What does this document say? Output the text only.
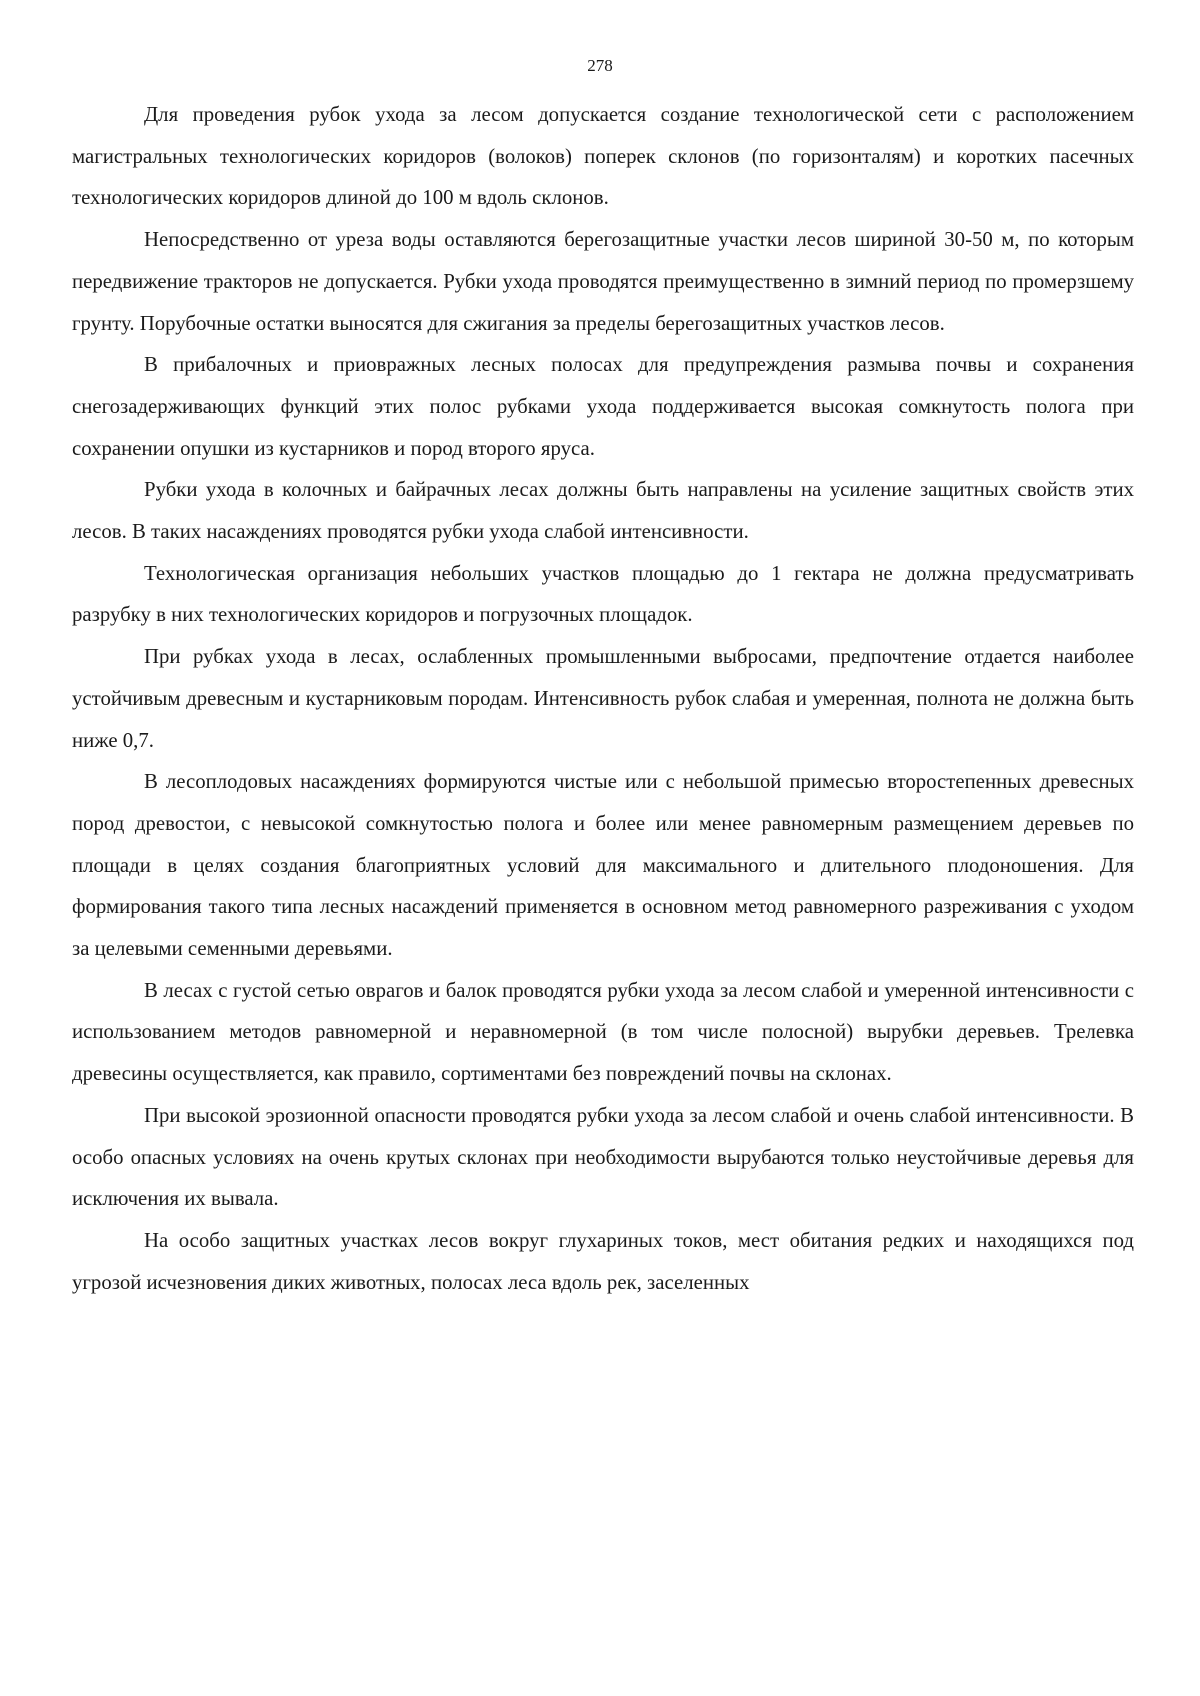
278

Для проведения рубок ухода за лесом допускается создание технологической сети с расположением магистральных технологических коридоров (волоков) поперек склонов (по горизонталям) и коротких пасечных технологических коридоров длиной до 100 м вдоль склонов.

Непосредственно от уреза воды оставляются берегозащитные участки лесов шириной 30-50 м, по которым передвижение тракторов не допускается. Рубки ухода проводятся преимущественно в зимний период по промерзшему грунту. Порубочные остатки выносятся для сжигания за пределы берегозащитных участков лесов.

В прибалочных и приовражных лесных полосах для предупреждения размыва почвы и сохранения снегозадерживающих функций этих полос рубками ухода поддерживается высокая сомкнутость полога при сохранении опушки из кустарников и пород второго яруса.

Рубки ухода в колочных и байрачных лесах должны быть направлены на усиление защитных свойств этих лесов. В таких насаждениях проводятся рубки ухода слабой интенсивности.

Технологическая организация небольших участков площадью до 1 гектара не должна предусматривать разрубку в них технологических коридоров и погрузочных площадок.

При рубках ухода в лесах, ослабленных промышленными выбросами, предпочтение отдается наиболее устойчивым древесным и кустарниковым породам. Интенсивность рубок слабая и умеренная, полнота не должна быть ниже 0,7.

В лесоплодовых насаждениях формируются чистые или с небольшой примесью второстепенных древесных пород древостои, с невысокой сомкнутостью полога и более или менее равномерным размещением деревьев по площади в целях создания благоприятных условий для максимального и длительного плодоношения. Для формирования такого типа лесных насаждений применяется в основном метод равномерного разреживания с уходом за целевыми семенными деревьями.

В лесах с густой сетью оврагов и балок проводятся рубки ухода за лесом слабой и умеренной интенсивности с использованием методов равномерной и неравномерной (в том числе полосной) вырубки деревьев. Трелевка древесины осуществляется, как правило, сортиментами без повреждений почвы на склонах.

При высокой эрозионной опасности проводятся рубки ухода за лесом слабой и очень слабой интенсивности. В особо опасных условиях на очень крутых склонах при необходимости вырубаются только неустойчивые деревья для исключения их вывала.

На особо защитных участках лесов вокруг глухариных токов, мест обитания редких и находящихся под угрозой исчезновения диких животных, полосах леса вдоль рек, заселенных
